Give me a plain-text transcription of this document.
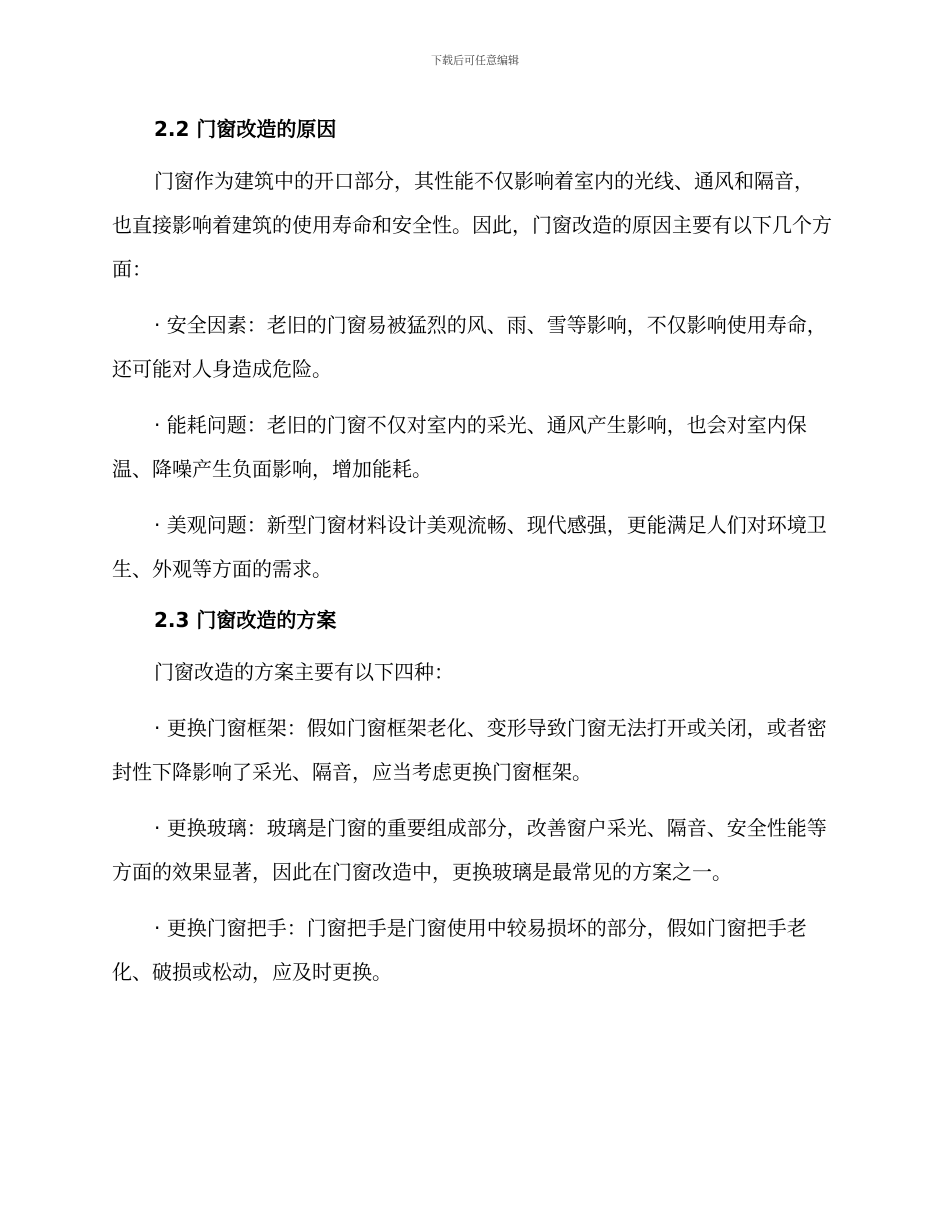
下载后可任意编辑
2.2 门窗改造的原因
门窗作为建筑中的开口部分，其性能不仅影响着室内的光线、通风和隔音，也直接影响着建筑的使用寿命和安全性。因此，门窗改造的原因主要有以下几个方面：
· 安全因素：老旧的门窗易被猛烈的风、雨、雪等影响，不仅影响使用寿命，还可能对人身造成危险。
· 能耗问题：老旧的门窗不仅对室内的采光、通风产生影响，也会对室内保温、降噪产生负面影响，增加能耗。
· 美观问题：新型门窗材料设计美观流畅、现代感强，更能满足人们对环境卫生、外观等方面的需求。
2.3 门窗改造的方案
门窗改造的方案主要有以下四种：
· 更换门窗框架：假如门窗框架老化、变形导致门窗无法打开或关闭，或者密封性下降影响了采光、隔音，应当考虑更换门窗框架。
· 更换玻璃：玻璃是门窗的重要组成部分，改善窗户采光、隔音、安全性能等方面的效果显著，因此在门窗改造中，更换玻璃是最常见的方案之一。
· 更换门窗把手：门窗把手是门窗使用中较易损坏的部分，假如门窗把手老化、破损或松动，应及时更换。
